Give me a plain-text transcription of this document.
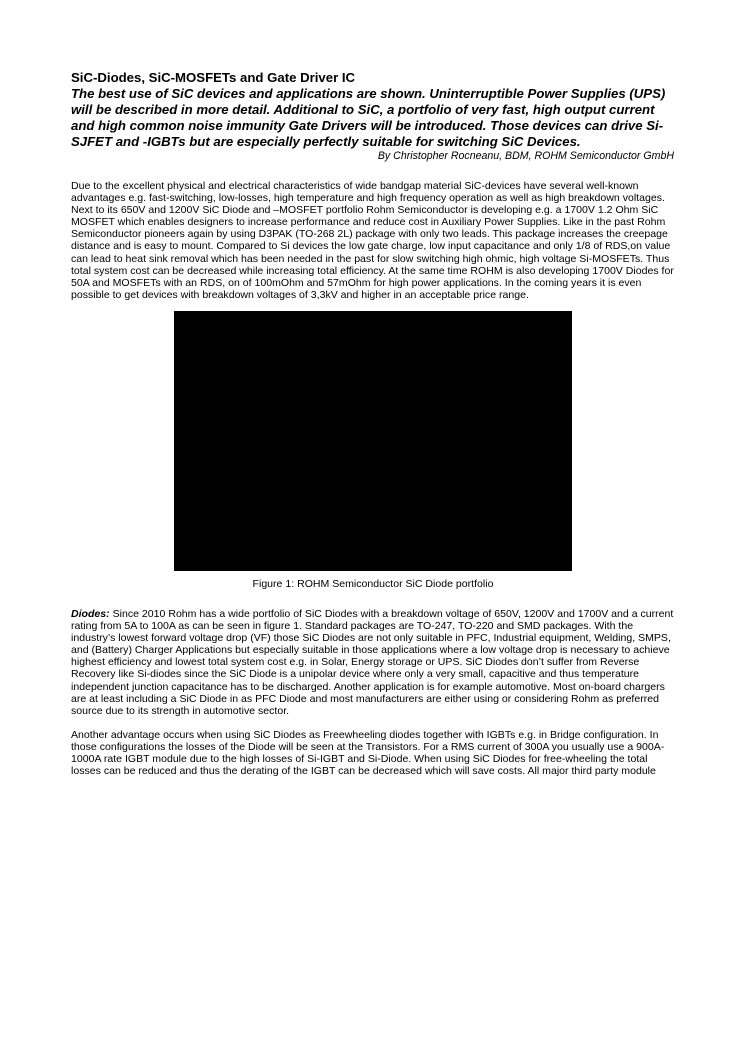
SiC-Diodes, SiC-MOSFETs and Gate Driver IC

The best use of SiC devices and applications are shown. Uninterruptible Power Supplies (UPS) will be described in more detail. Additional to SiC, a portfolio of very fast, high output current and high common noise immunity Gate Drivers will be introduced. Those devices can drive Si-SJFET and -IGBTs but are especially perfectly suitable for switching SiC Devices.

By Christopher Rocneanu, BDM, ROHM Semiconductor GmbH

Due to the excellent physical and electrical characteristics of wide bandgap material SiC-devices have several well-known advantages e.g. fast-switching, low-losses, high temperature and high frequency operation as well as high breakdown voltages. Next to its 650V and 1200V SiC Diode and –MOSFET portfolio Rohm Semiconductor is developing e.g. a 1700V 1.2 Ohm SiC MOSFET which enables designers to increase performance and reduce cost in Auxiliary Power Supplies. Like in the past Rohm Semiconductor pioneers again by using D3PAK (TO-268 2L) package with only two leads. This package increases the creepage distance and is easy to mount. Compared to Si devices the low gate charge, low input capacitance and only 1/8 of RDS,on value can lead to heat sink removal which has been needed in the past for slow switching high ohmic, high voltage Si-MOSFETs. Thus total system cost can be decreased while increasing total efficiency. At the same time ROHM is also developing 1700V Diodes for 50A and MOSFETs with an RDS, on of 100mOhm and 57mOhm for high power applications. In the coming years it is even possible to get devices with breakdown voltages of 3,3kV and higher in an acceptable price range.

Figure 1: ROHM Semiconductor SiC Diode portfolio

Diodes: Since 2010 Rohm has a wide portfolio of SiC Diodes with a breakdown voltage of 650V, 1200V and 1700V and a current rating from 5A to 100A as can be seen in figure 1. Standard packages are TO-247, TO-220 and SMD packages. With the industry’s lowest forward voltage drop (VF) those SiC Diodes are not only suitable in PFC, Industrial equipment, Welding, SMPS, and (Battery) Charger Applications but especially suitable in those applications where a low voltage drop is necessary to achieve highest efficiency and lowest total system cost e.g. in Solar, Energy storage or UPS. SiC Diodes don’t suffer from Reverse Recovery like Si-diodes since the SiC Diode is a unipolar device where only a very small, capacitive and thus temperature independent junction capacitance has to be discharged. Another application is for example automotive. Most on-board chargers are at least including a SiC Diode in as PFC Diode and most manufacturers are either using or considering Rohm as preferred source due to its strength in automotive sector.

Another advantage occurs when using SiC Diodes as Freewheeling diodes together with IGBTs e.g. in Bridge configuration. In those configurations the losses of the Diode will be seen at the Transistors. For a RMS current of 300A you usually use a 900A-1000A rate IGBT module due to the high losses of Si-IGBT and Si-Diode. When using SiC Diodes for free-wheeling the total losses can be reduced and thus the derating of the IGBT can be decreased which will save costs. All major third party module
